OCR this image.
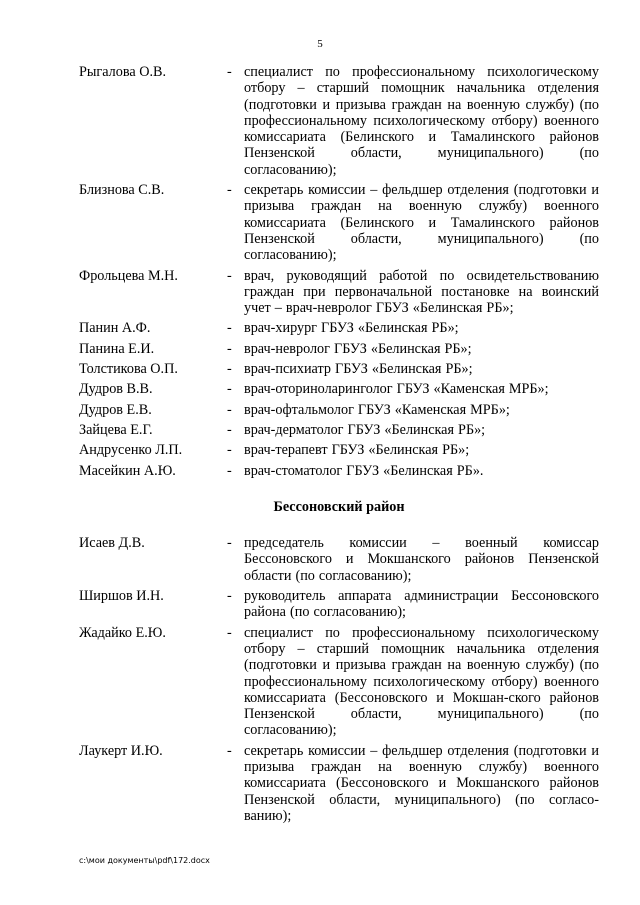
5
Рыгалова О.В.	- специалист по профессиональному психологическому отбору – старший помощник начальника отделения (подготовки и призыва граждан на военную службу) (по профессиональному психологическому отбору) военного комиссариата (Белинского и Тамалинского районов Пензенской области, муниципального) (по согласованию);
Близнова С.В.	- секретарь комиссии – фельдшер отделения (подготовки и призыва граждан на военную службу) военного комиссариата (Белинского и Тамалинского районов Пензенской области, муниципального) (по согласованию);
Фрольцева М.Н.	- врач, руководящий работой по освидетельствованию граждан при первоначальной постановке на воинский учет – врач-невролог ГБУЗ «Белинская РБ»;
Панин А.Ф.	- врач-хирург ГБУЗ «Белинская РБ»;
Панина Е.И.	- врач-невролог ГБУЗ «Белинская РБ»;
Толстикова О.П.	- врач-психиатр ГБУЗ «Белинская РБ»;
Дудров В.В.	- врач-оториноларинголог ГБУЗ «Каменская МРБ»;
Дудров Е.В.	- врач-офтальмолог ГБУЗ «Каменская МРБ»;
Зайцева Е.Г.	- врач-дерматолог ГБУЗ «Белинская РБ»;
Андрусенко Л.П.	- врач-терапевт ГБУЗ «Белинская РБ»;
Масейкин А.Ю.	- врач-стоматолог ГБУЗ «Белинская РБ».
Бессоновский район
Исаев Д.В.	- председатель комиссии – военный комиссар Бессоновского и Мокшанского районов Пензенской области (по согласованию);
Ширшов И.Н.	- руководитель аппарата администрации Бессоновского района (по согласованию);
Жадайко Е.Ю.	- специалист по профессиональному психологическому отбору – старший помощник начальника отделения (подготовки и призыва граждан на военную службу) (по профессиональному психологическому отбору) военного комиссариата (Бессоновского и Мокшан-ского районов Пензенской области, муниципального) (по согласованию);
Лаукерт И.Ю.	- секретарь комиссии – фельдшер отделения (подготовки и призыва граждан на военную службу) военного комиссариата (Бессоновского и Мокшанского районов Пензенской области, муниципального) (по согласо-ванию);
c:\мои документы\pdf\172.docx
